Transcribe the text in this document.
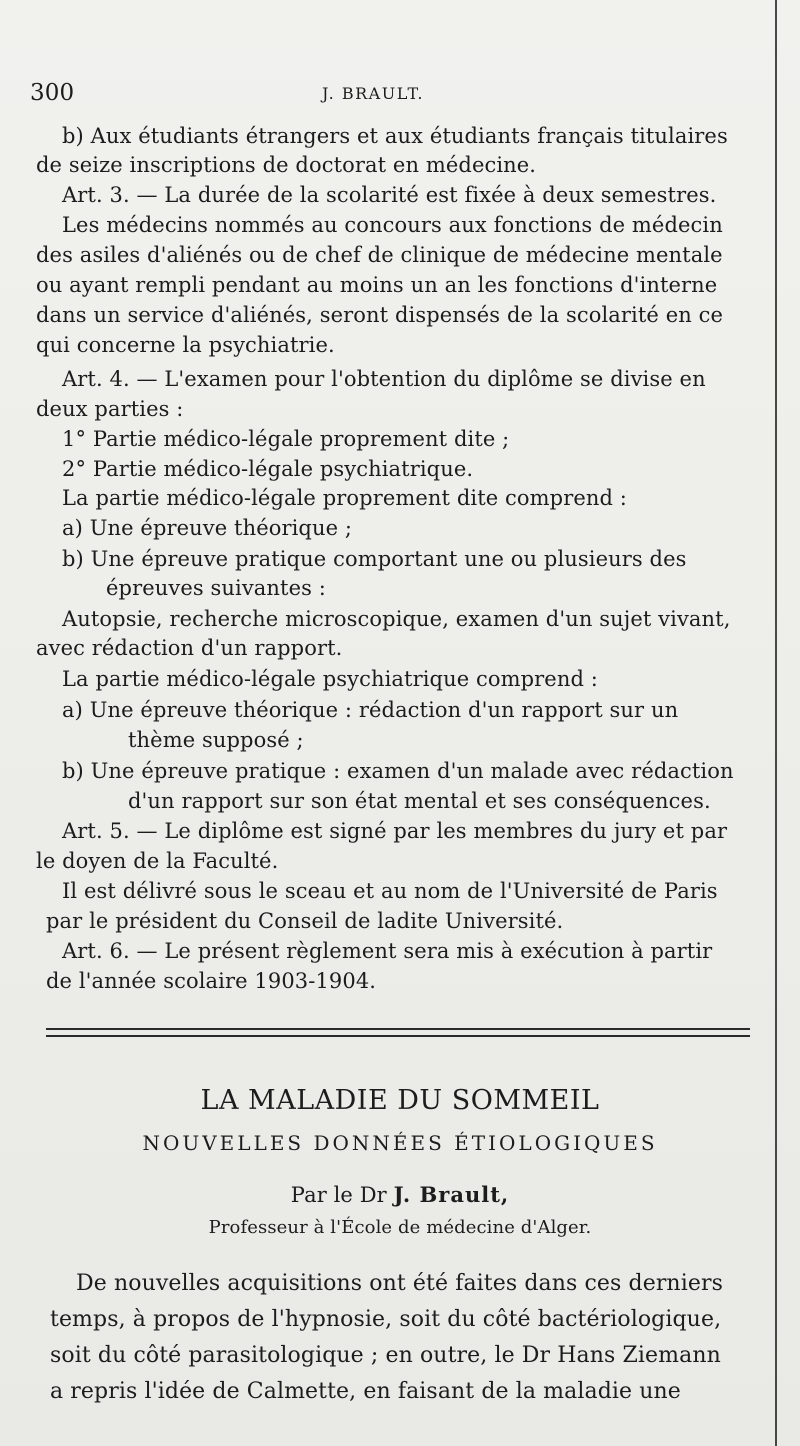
300	J. BRAULT.

b) Aux étudiants étrangers et aux étudiants français titulaires

de seize inscriptions de doctorat en médecine.

Art. 3. — La durée de la scolarité est fixée à deux semestres.

Les médecins nommés au concours aux fonctions de médecin

des asiles d'aliénés ou de chef de clinique de médecine mentale

ou ayant rempli pendant au moins un an les fonctions d'interne

dans un service d'aliénés, seront dispensés de la scolarité en ce

qui concerne la psychiatrie.

Art. 4. — L'examen pour l'obtention du diplôme se divise en

deux parties :

1° Partie médico-légale proprement dite ;

2° Partie médico-légale psychiatrique.

La partie médico-légale proprement dite comprend :

a) Une épreuve théorique ;

b) Une épreuve pratique comportant une ou plusieurs des

épreuves suivantes :

Autopsie, recherche microscopique, examen d'un sujet vivant,

avec rédaction d'un rapport.

La partie médico-légale psychiatrique comprend :

a) Une épreuve théorique : rédaction d'un rapport sur un

thème supposé ;

b) Une épreuve pratique : examen d'un malade avec rédaction

d'un rapport sur son état mental et ses conséquences.

Art. 5. — Le diplôme est signé par les membres du jury et par

le doyen de la Faculté.

Il est délivré sous le sceau et au nom de l'Université de Paris

par le président du Conseil de ladite Université.

Art. 6. — Le présent règlement sera mis à exécution à partir

de l'année scolaire 1903-1904.

LA MALADIE DU SOMMEIL

NOUVELLES DONNÉES ÉTIOLOGIQUES

Par le Dr J. Brault,

Professeur à l'École de médecine d'Alger.

De nouvelles acquisitions ont été faites dans ces derniers

temps, à propos de l'hypnosie, soit du côté bactériologique,

soit du côté parasitologique ; en outre, le Dr Hans Ziemann

a repris l'idée de Calmette, en faisant de la maladie une
